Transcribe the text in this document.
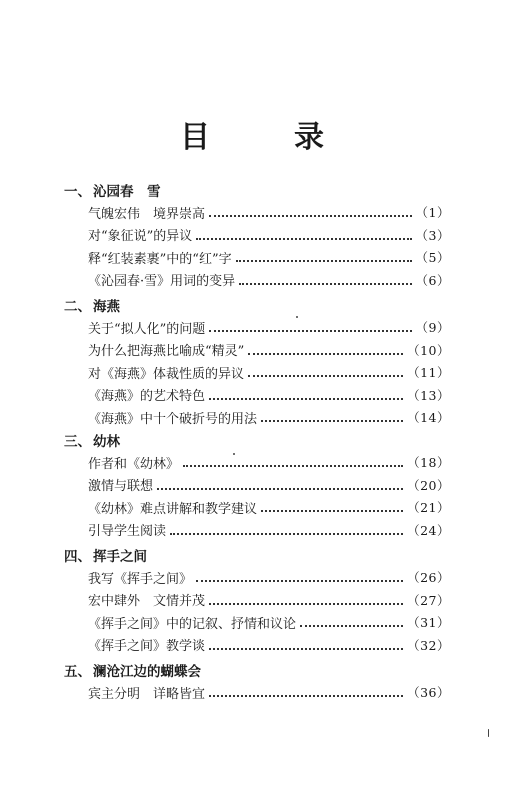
目	录
一、 沁园春　雪
气魄宏伟　境界崇高	（1）
对“象征说”的异议	（3）
释“红装素裹”中的“红”字	（5）
《沁园春·雪》用词的变异	（6）
二、 海燕
关于“拟人化”的问题	（9）
为什么把海燕比喻成“精灵”	（10）
对《海燕》体裁性质的异议	（11）
《海燕》的艺术特色	（13）
《海燕》中十个破折号的用法	（14）
三、 幼林
作者和《幼林》	（18）
激情与联想	（20）
《幼林》难点讲解和教学建议	（21）
引导学生阅读	（24）
四、 挥手之间
我写《挥手之间》	（26）
宏中肆外　文情并茂	（27）
《挥手之间》中的记叙、抒情和议论	（31）
《挥手之间》教学谈	（32）
五、 澜沧江边的蝴蝶会
宾主分明　详略皆宜	（36）
